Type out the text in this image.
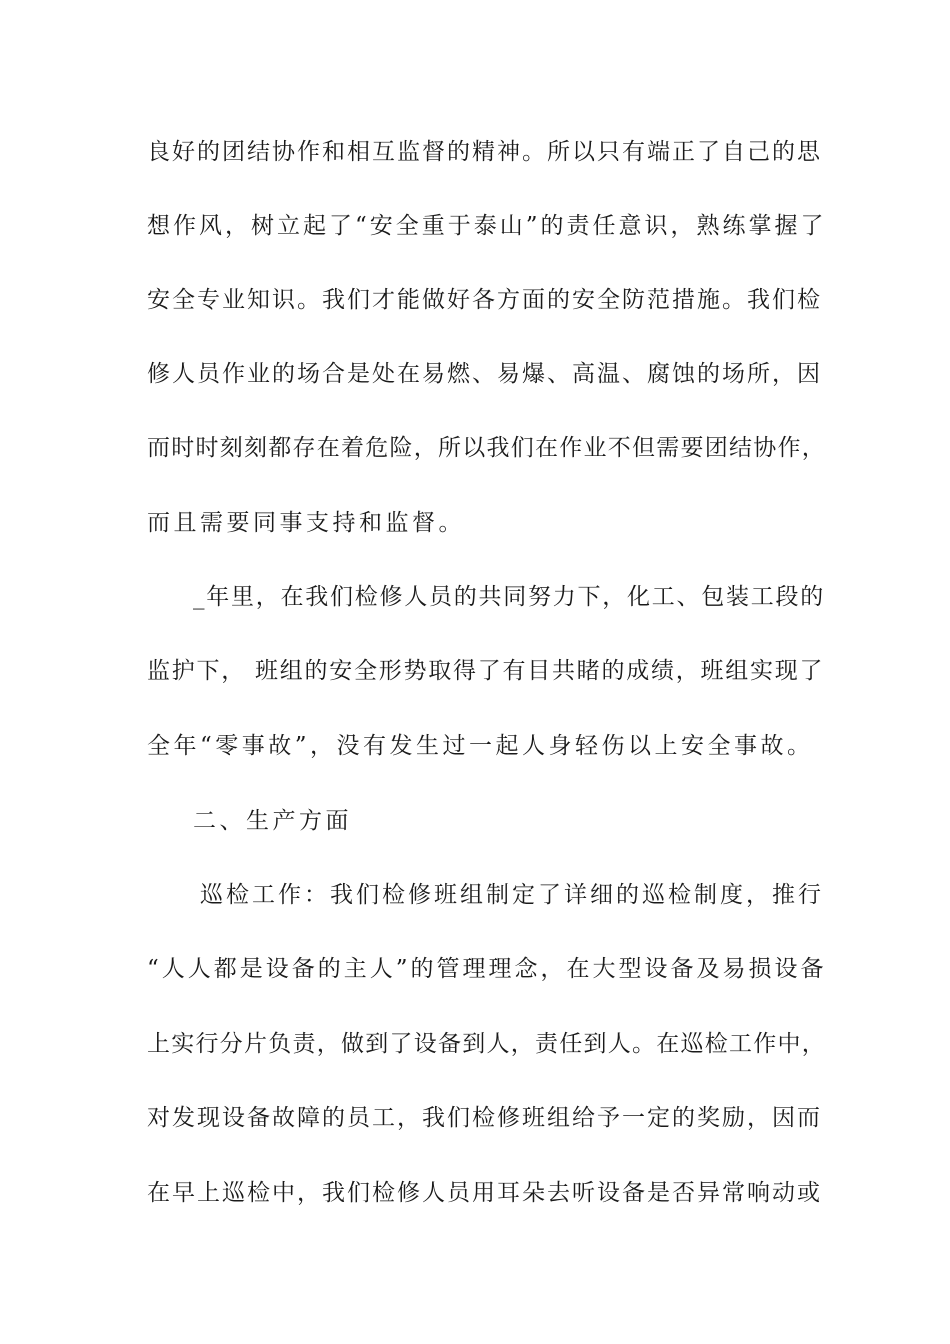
良好的团结协作和相互监督的精神。所以只有端正了自己的思
想作风，树立起了“安全重于泰山”的责任意识，熟练掌握了
安全专业知识。我们才能做好各方面的安全防范措施。我们检
修人员作业的场合是处在易燃、易爆、高温、腐蚀的场所，因
而时时刻刻都存在着危险，所以我们在作业不但需要团结协作，
而且需要同事支持和监督。
_年里，在我们检修人员的共同努力下，化工、包装工段的
监护下， 班组的安全形势取得了有目共睹的成绩，班组实现了
全年“零事故”，没有发生过一起人身轻伤以上安全事故。
二、生产方面
巡检工作：我们检修班组制定了详细的巡检制度，推行
“人人都是设备的主人”的管理理念，在大型设备及易损设备
上实行分片负责，做到了设备到人，责任到人。在巡检工作中，
对发现设备故障的员工，我们检修班组给予一定的奖励，因而
在早上巡检中，我们检修人员用耳朵去听设备是否异常响动或
